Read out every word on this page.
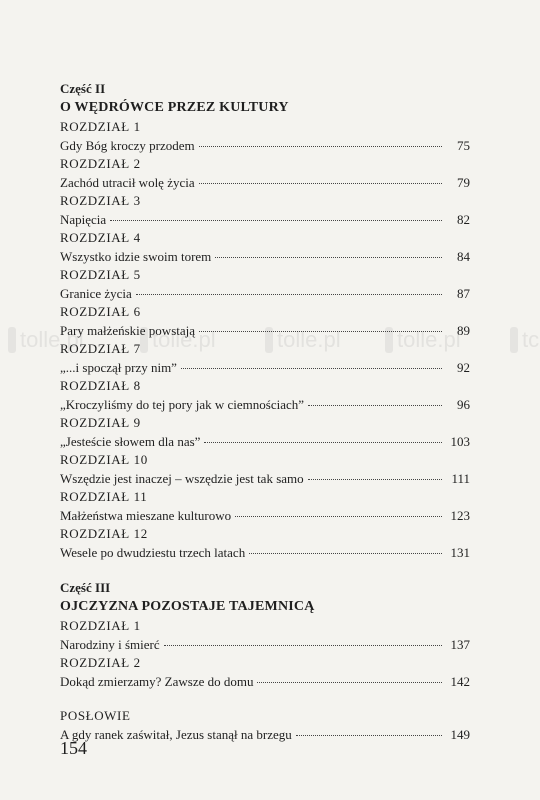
tolle.pl	tolle.pl	tolle.pl	tolle.pl	tc
Część II
O WĘDRÓWCE PRZEZ KULTURY
ROZDZIAŁ 1
Gdy Bóg kroczy przodem	75
ROZDZIAŁ 2
Zachód utracił wolę życia	79
ROZDZIAŁ 3
Napięcia	82
ROZDZIAŁ 4
Wszystko idzie swoim torem	84
ROZDZIAŁ 5
Granice życia	87
ROZDZIAŁ 6
Pary małżeńskie powstają	89
ROZDZIAŁ 7
„...i spoczął przy nim”	92
ROZDZIAŁ 8
„Kroczyliśmy do tej pory jak w ciemnościach”	96
ROZDZIAŁ 9
„Jesteście słowem dla nas”	103
ROZDZIAŁ 10
Wszędzie jest inaczej – wszędzie jest tak samo	111
ROZDZIAŁ 11
Małżeństwa mieszane kulturowo	123
ROZDZIAŁ 12
Wesele po dwudziestu trzech latach	131
Część III
OJCZYZNA POZOSTAJE TAJEMNICĄ
ROZDZIAŁ 1
Narodziny i śmierć	137
ROZDZIAŁ 2
Dokąd zmierzamy? Zawsze do domu	142
POSŁOWIE
A gdy ranek zaświtał, Jezus stanął na brzegu	149
154
